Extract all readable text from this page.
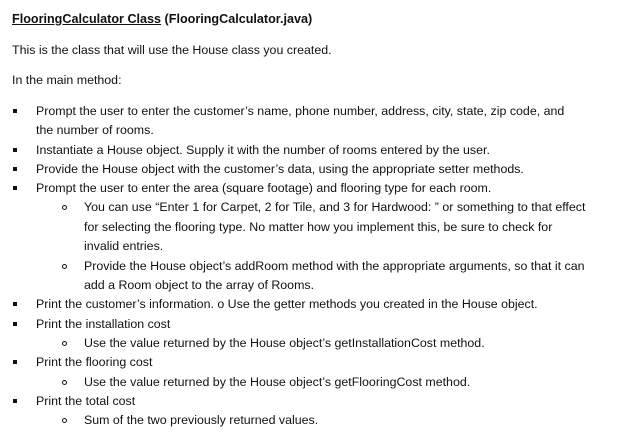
FlooringCalculator Class (FlooringCalculator.java)
This is the class that will use the House class you created.
In the main method:
Prompt the user to enter the customer’s name, phone number, address, city, state, zip code, and
the number of rooms.
Instantiate a House object. Supply it with the number of rooms entered by the user.
Provide the House object with the customer’s data, using the appropriate setter methods.
Prompt the user to enter the area (square footage) and flooring type for each room.
You can use “Enter 1 for Carpet, 2 for Tile, and 3 for Hardwood: ” or something to that effect
for selecting the flooring type. No matter how you implement this, be sure to check for
invalid entries.
Provide the House object’s addRoom method with the appropriate arguments, so that it can
add a Room object to the array of Rooms.
Print the customer’s information. o Use the getter methods you created in the House object.
Print the installation cost
Use the value returned by the House object’s getInstallationCost method.
Print the flooring cost
Use the value returned by the House object’s getFlooringCost method.
Print the total cost
Sum of the two previously returned values.
